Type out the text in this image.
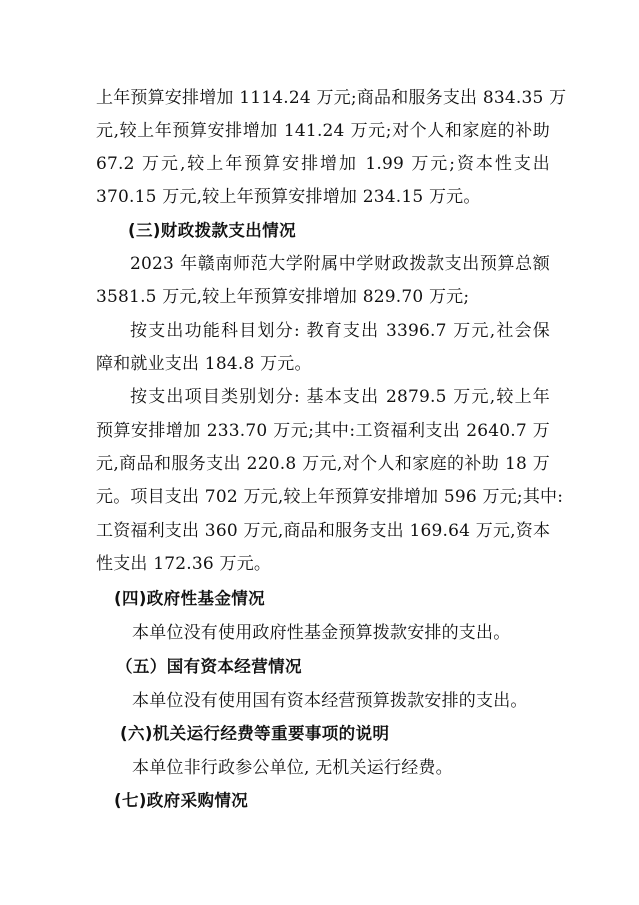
上年预算安排增加 1114.24 万元;商品和服务支出 834.35 万
元,较上年预算安排增加 141.24 万元;对个人和家庭的补助
67.2 万元,较上年预算安排增加 1.99 万元;资本性支出
370.15 万元,较上年预算安排增加 234.15 万元。
(三)财政拨款支出情况
2023 年赣南师范大学附属中学财政拨款支出预算总额
3581.5 万元,较上年预算安排增加 829.70 万元;
按支出功能科目划分: 教育支出 3396.7 万元,社会保
障和就业支出 184.8 万元。
按支出项目类别划分: 基本支出 2879.5 万元,较上年
预算安排增加 233.70 万元;其中:工资福利支出 2640.7 万
元,商品和服务支出 220.8 万元,对个人和家庭的补助 18 万
元。项目支出 702 万元,较上年预算安排增加 596 万元;其中:
工资福利支出 360 万元,商品和服务支出 169.64 万元,资本
性支出 172.36 万元。
(四)政府性基金情况
本单位没有使用政府性基金预算拨款安排的支出。
（五）国有资本经营情况
本单位没有使用国有资本经营预算拨款安排的支出。
(六)机关运行经费等重要事项的说明
本单位非行政参公单位, 无机关运行经费。
(七)政府采购情况
